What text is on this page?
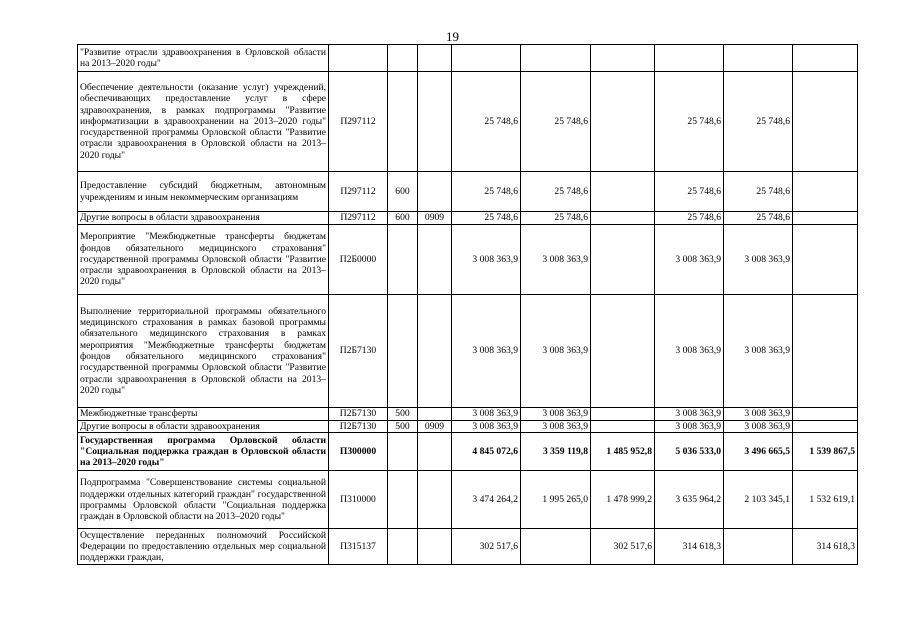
19
"Развитие отрасли здравоохранения в Орловской области на 2013–2020 годы"									
Обеспечение деятельности (оказание услуг) учреждений, обеспечивающих предоставление услуг в сфере здравоохранения, в рамках подпрограммы "Развитие информатизации в здравоохранении на 2013–2020 годы" государственной программы Орловской области "Развитие отрасли здравоохранения в Орловской области на 2013–2020 годы"	П297112			25 748,6	25 748,6		25 748,6	25 748,6	
Предоставление субсидий бюджетным, автономным учреждениям и иным некоммерческим организациям	П297112	600		25 748,6	25 748,6		25 748,6	25 748,6	
Другие вопросы в области здравоохранения	П297112	600	0909	25 748,6	25 748,6		25 748,6	25 748,6	
Мероприятие "Межбюджетные трансферты бюджетам фондов обязательного медицинского страхования" государственной программы Орловской области "Развитие отрасли здравоохранения в Орловской области на 2013–2020 годы"	П2Б0000			3 008 363,9	3 008 363,9		3 008 363,9	3 008 363,9	
Выполнение территориальной программы обязательного медицинского страхования в рамках базовой программы обязательного медицинского страхования в рамках мероприятия "Межбюджетные трансферты бюджетам фондов обязательного медицинского страхования" государственной программы Орловской области "Развитие отрасли здравоохранения в Орловской области на 2013–2020 годы"	П2Б7130			3 008 363,9	3 008 363,9		3 008 363,9	3 008 363,9	
Межбюджетные трансферты	П2Б7130	500		3 008 363,9	3 008 363,9		3 008 363,9	3 008 363,9	
Другие вопросы в области здравоохранения	П2Б7130	500	0909	3 008 363,9	3 008 363,9		3 008 363,9	3 008 363,9	
Государственная программа Орловской области "Социальная поддержка граждан в Орловской области на 2013–2020 годы"	П300000			4 845 072,6	3 359 119,8	1 485 952,8	5 036 533,0	3 496 665,5	1 539 867,5
Подпрограмма "Совершенствование системы социальной поддержки отдельных категорий граждан" государственной программы Орловской области "Социальная поддержка граждан в Орловской области на 2013–2020 годы"	П310000			3 474 264,2	1 995 265,0	1 478 999,2	3 635 964,2	2 103 345,1	1 532 619,1
Осуществление переданных полномочий Российской Федерации по предоставлению отдельных мер социальной поддержки граждан,	П315137			302 517,6		302 517,6	314 618,3		314 618,3
